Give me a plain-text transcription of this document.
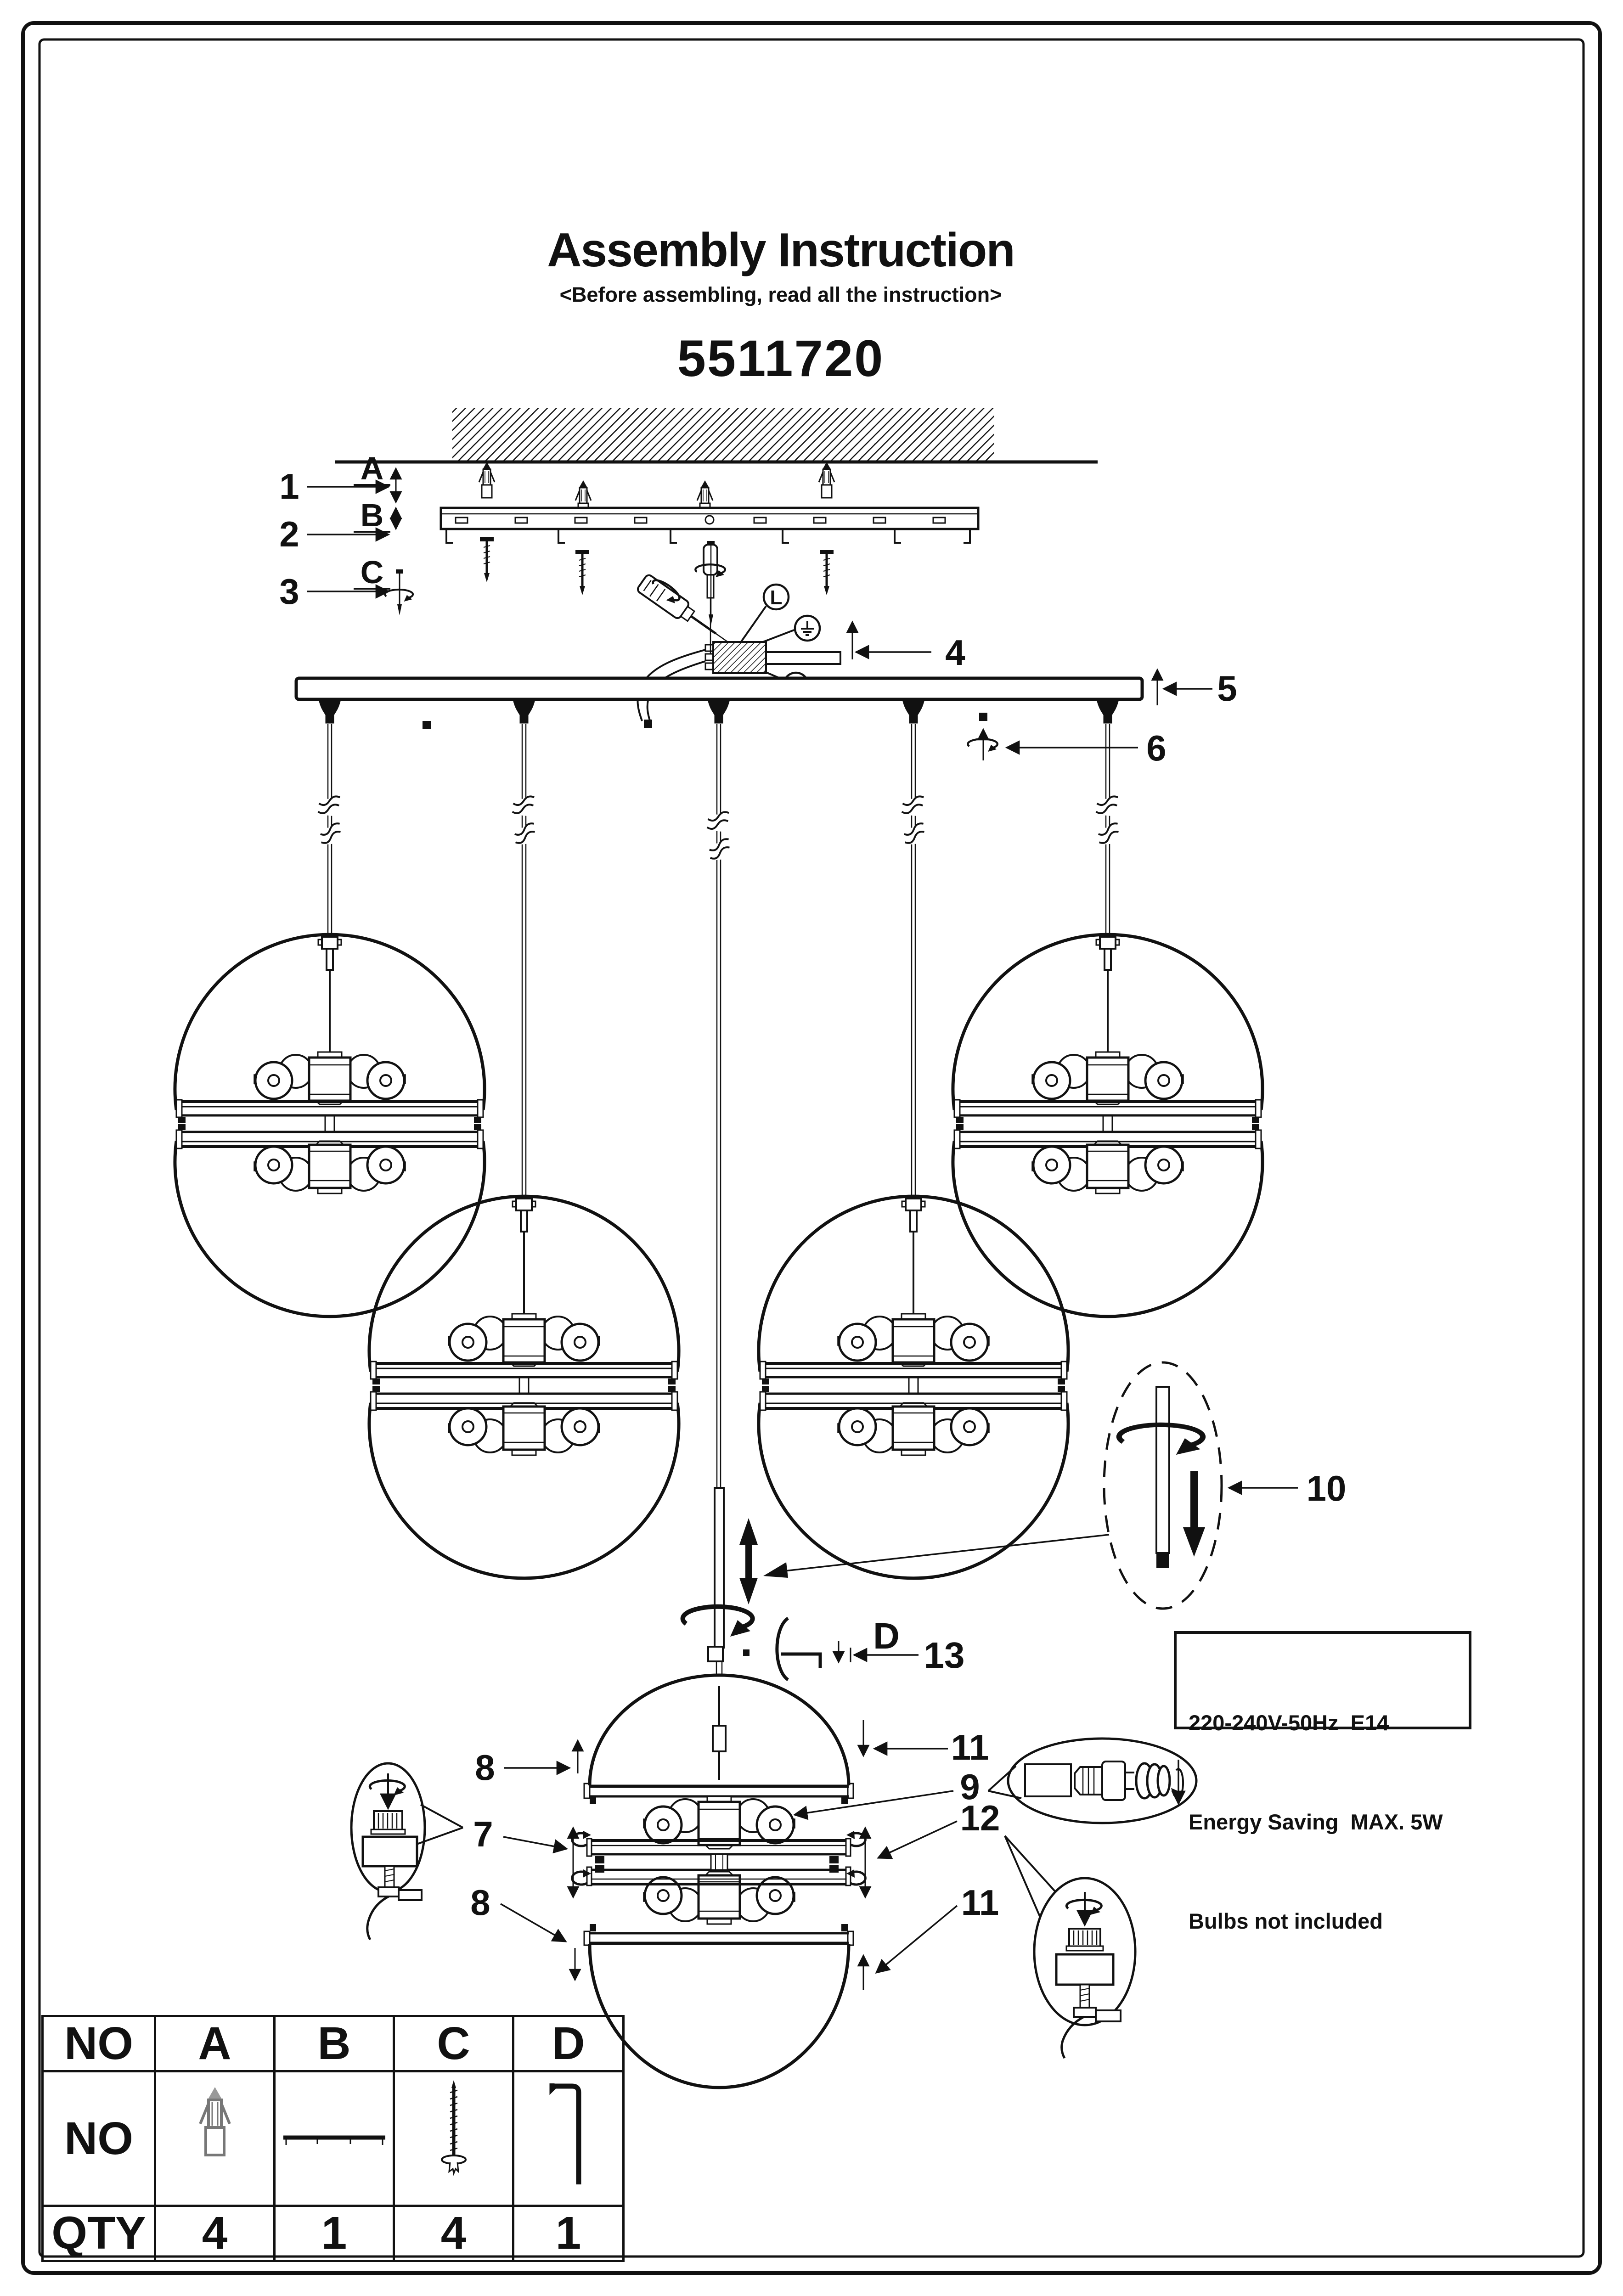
Assembly Instruction
<Before assembling, read all the instruction>
5511720

220-240V-50Hz  E14

Energy Saving  MAX. 5W

Bulbs not included

NO	A	B	C	D
NO				
QTY	4	1	4	1
1 A
2 B
3 C
L
4
5
6
10
D 13
8
7
8
11
9
12
11
